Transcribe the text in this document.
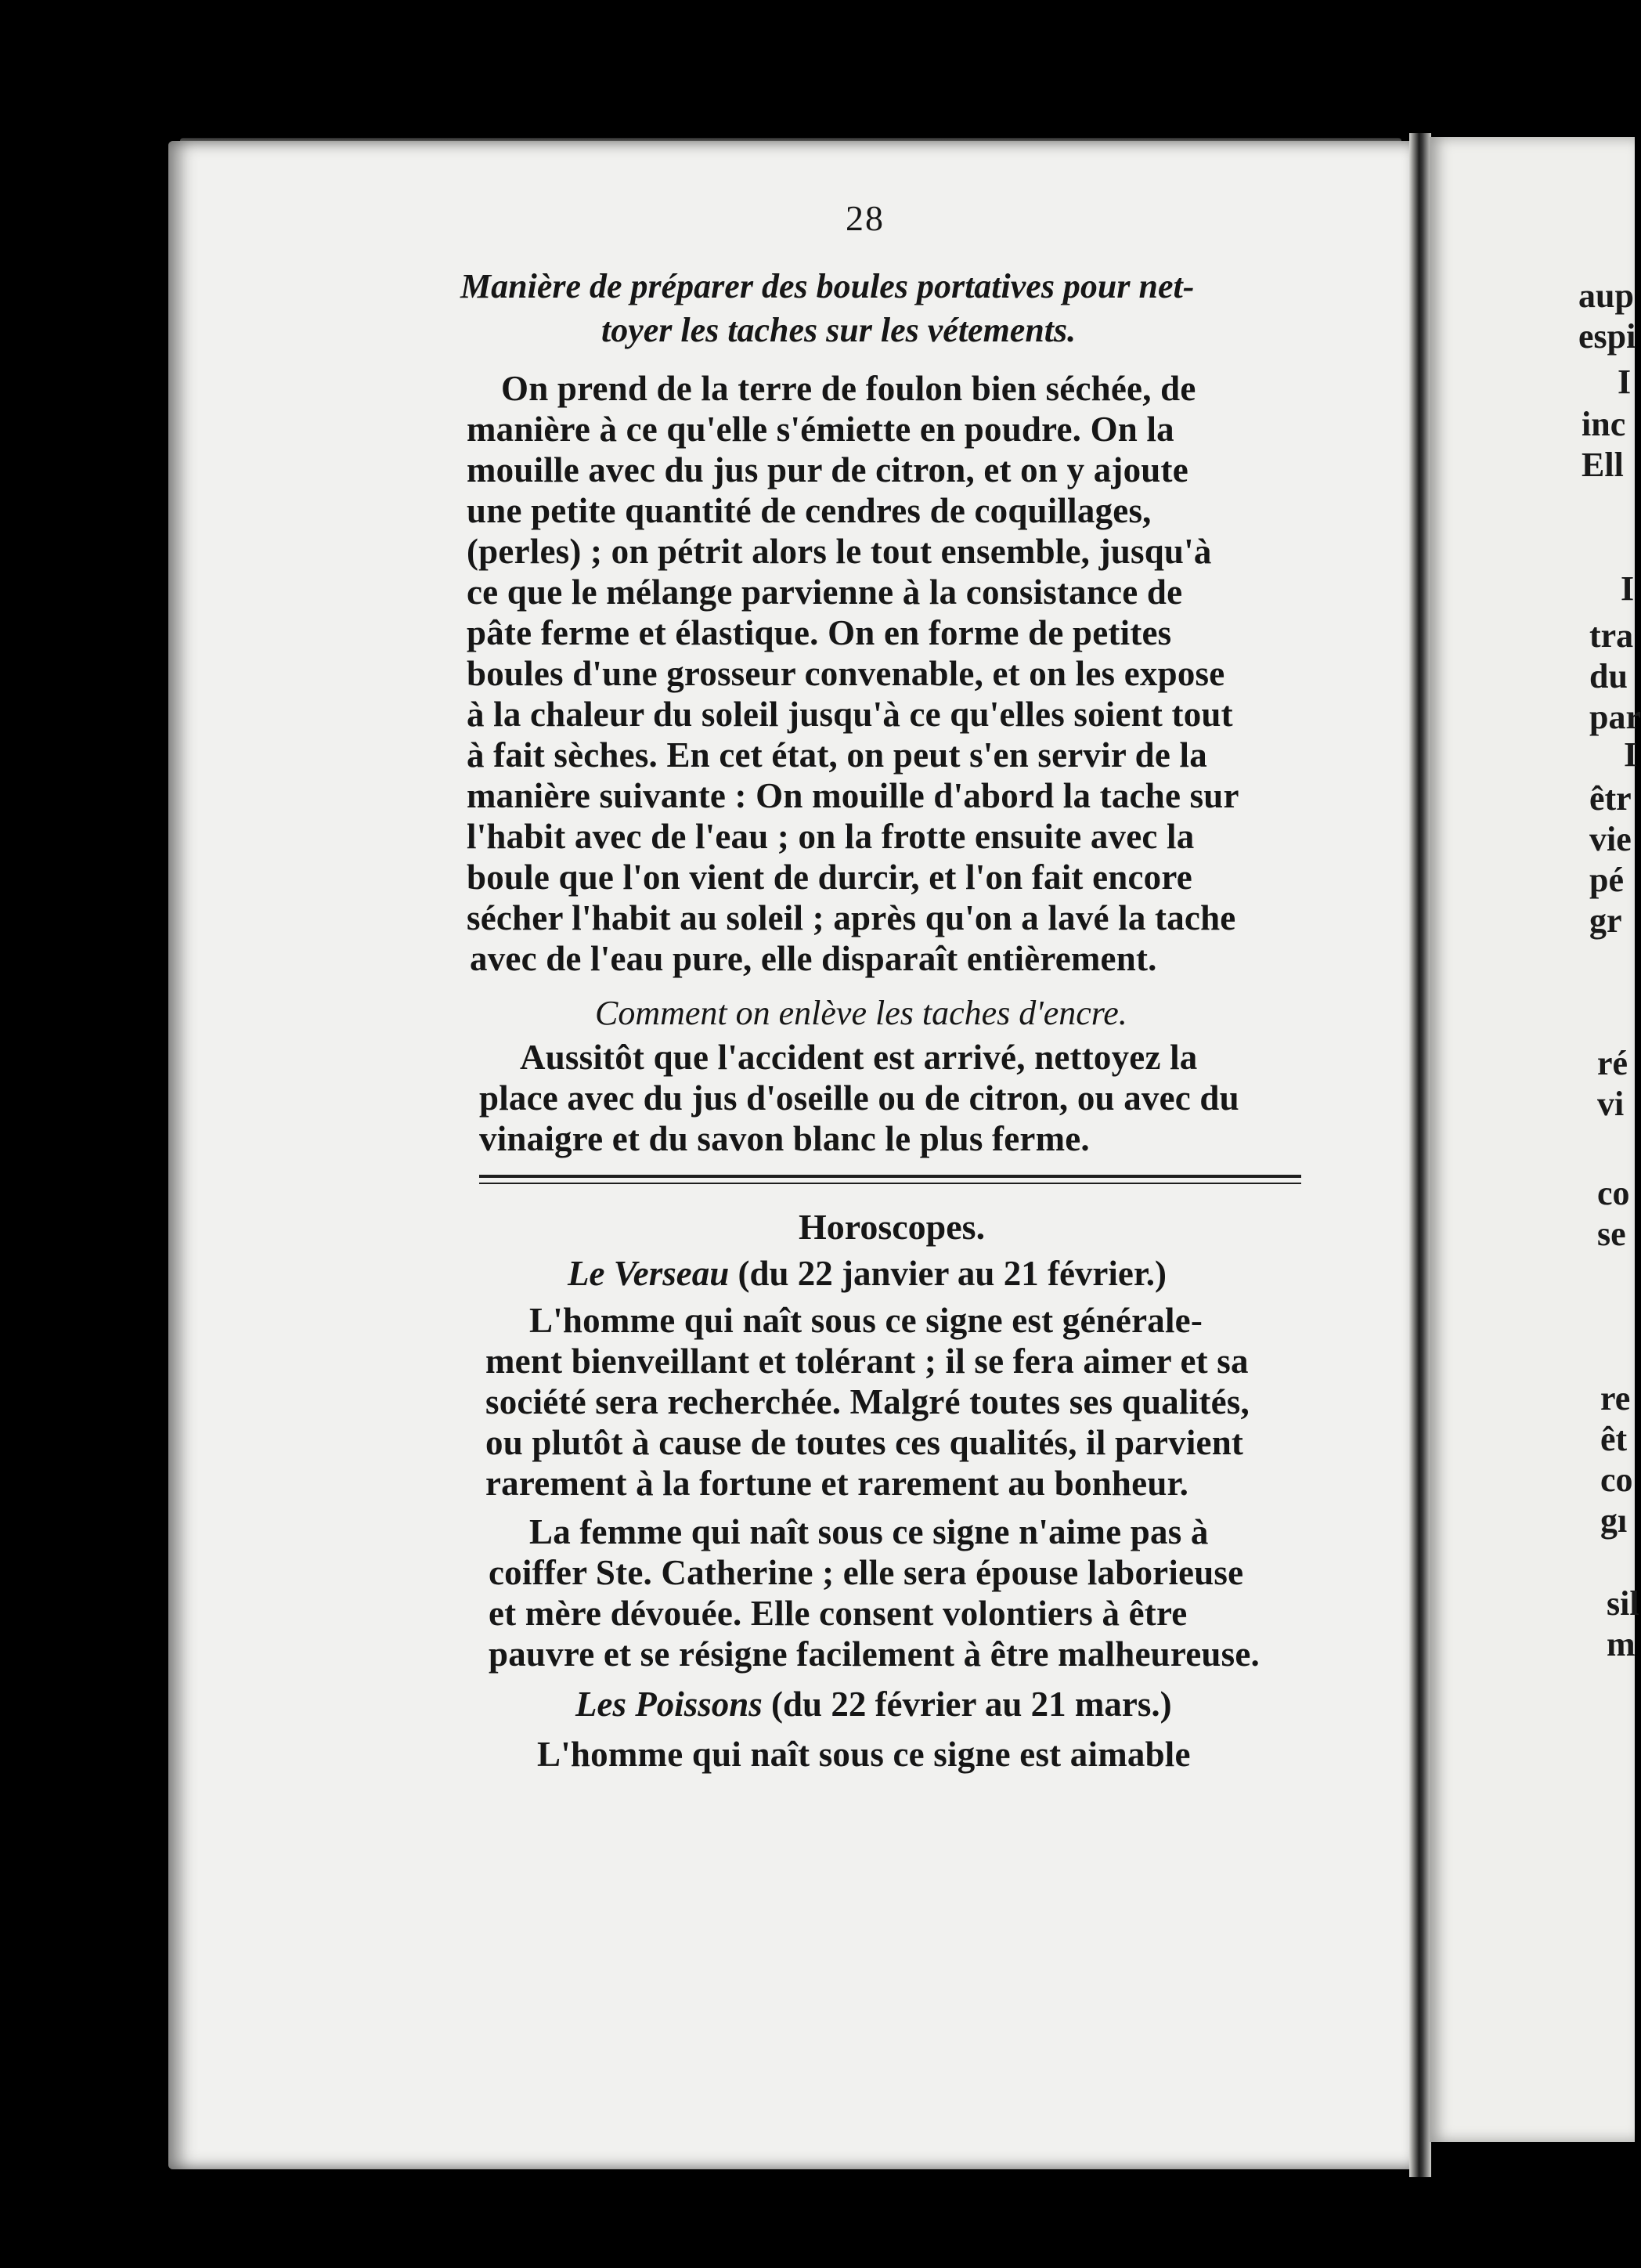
28
Manière de préparer des boules portatives pour net-
toyer les taches sur les vétements.
On prend de la terre de foulon bien séchée, de
manière à ce qu'elle s'émiette en poudre. On la
mouille avec du jus pur de citron, et on y ajoute
une petite quantité de cendres de coquillages,
(perles) ; on pétrit alors le tout ensemble, jusqu'à
ce que le mélange parvienne à la consistance de
pâte ferme et élastique. On en forme de petites
boules d'une grosseur convenable, et on les expose
à la chaleur du soleil jusqu'à ce qu'elles soient tout
à fait sèches. En cet état, on peut s'en servir de la
manière suivante : On mouille d'abord la tache sur
l'habit avec de l'eau ; on la frotte ensuite avec la
boule que l'on vient de durcir, et l'on fait encore
sécher l'habit au soleil ; après qu'on a lavé la tache
avec de l'eau pure, elle disparaît entièrement.
Comment on enlève les taches d'encre.
Aussitôt que l'accident est arrivé, nettoyez la
place avec du jus d'oseille ou de citron, ou avec du
vinaigre et du savon blanc le plus ferme.
Horoscopes.
Le Verseau (du 22 janvier au 21 février.)
L'homme qui naît sous ce signe est générale-
ment bienveillant et tolérant ; il se fera aimer et sa
société sera recherchée. Malgré toutes ses qualités,
ou plutôt à cause de toutes ces qualités, il parvient
rarement à la fortune et rarement au bonheur.
La femme qui naît sous ce signe n'aime pas à
coiffer Ste. Catherine ; elle sera épouse laborieuse
et mère dévouée. Elle consent volontiers à être
pauvre et se résigne facilement à être malheureuse.
Les Poissons (du 22 février au 21 mars.)
L'homme qui naît sous ce signe est aimable
aup
espi
I
inc
Ell
I
tra
du
par
I
êtr
vie
pé
gr
ré
vi
co
se
re
êt
co
gı
sil
m
